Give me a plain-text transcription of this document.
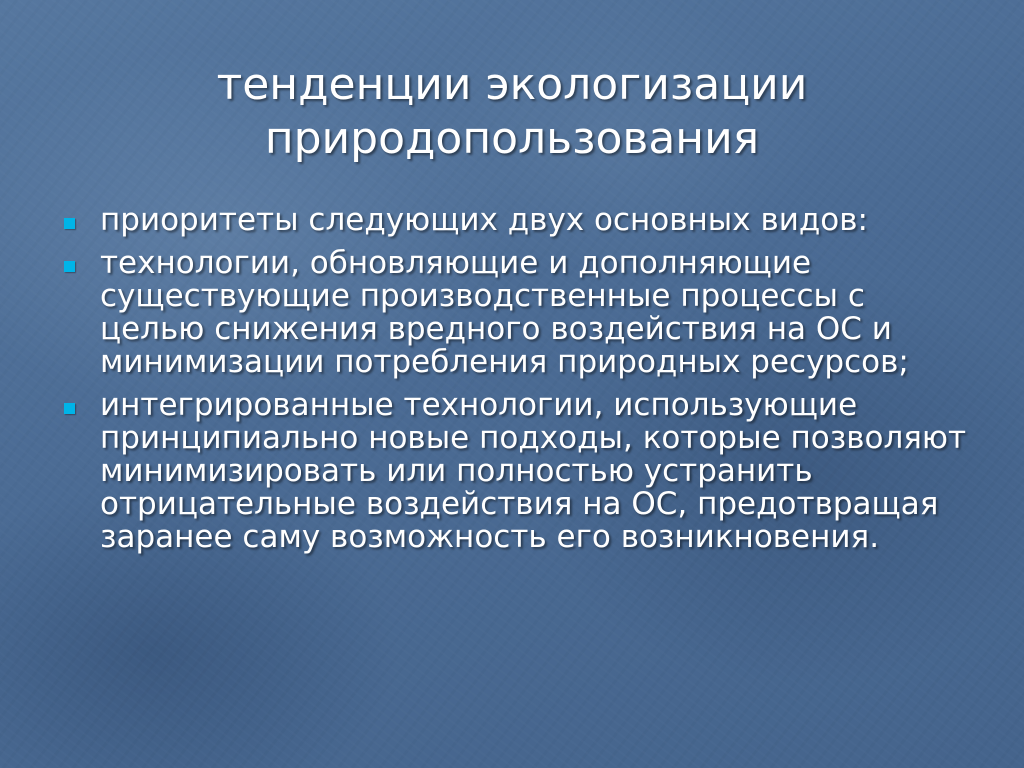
тенденции экологизации природопользования
приоритеты следующих двух основных видов:
технологии, обновляющие и дополняющие существующие производственные процессы с целью снижения вредного воздействия на ОС и минимизации потребления природных ресурсов;
интегрированные технологии, использующие принципиально новые подходы, которые позволяют минимизировать или полностью устранить отрицательные воздействия на ОС, предотвращая заранее саму возможность его возникновения.
